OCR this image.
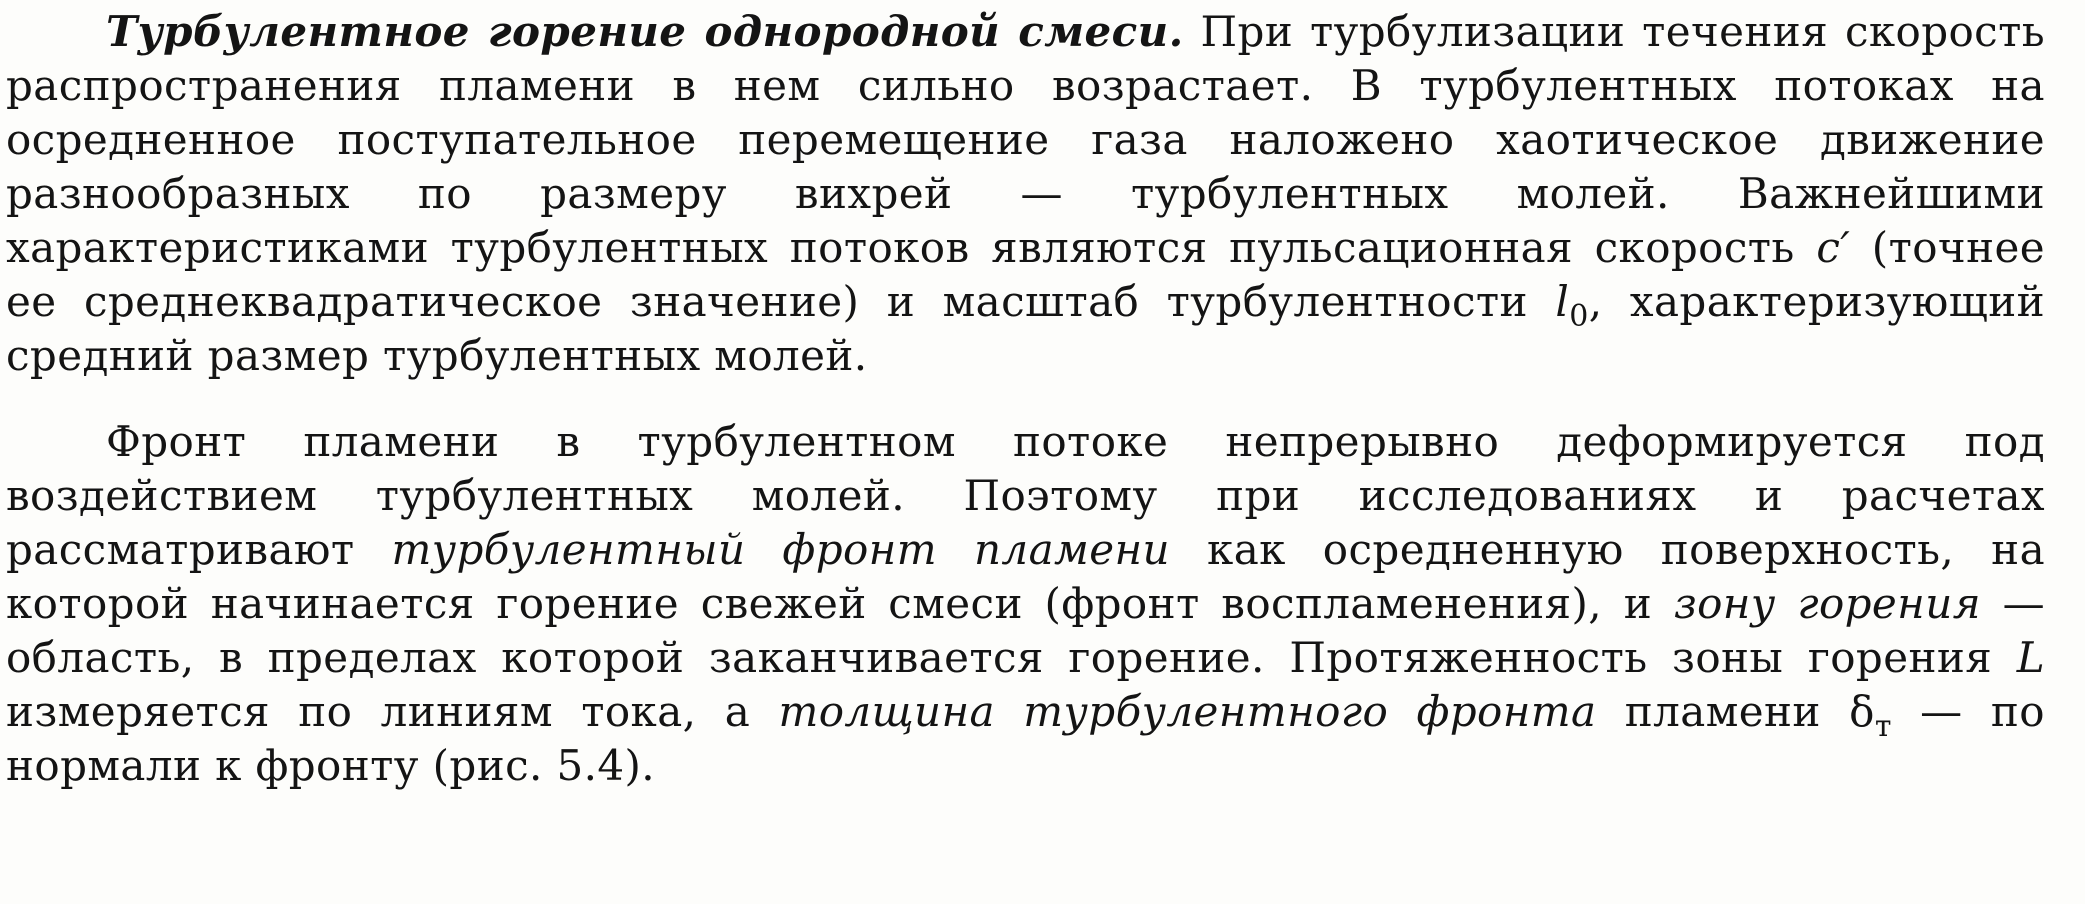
Турбулентное горение однородной смеси. При турбулизации течения скорость распространения пламени в нем сильно возрастает. В турбулентных потоках на осредненное поступательное перемещение газа наложено хаотическое движение разнообразных по размеру вихрей — турбулентных молей. Важнейшими характеристиками турбулентных потоков являются пульсационная скорость c′ (точнее ее среднеквадратическое значение) и масштаб турбулентности $l_0$, характеризующий средний размер турбулентных молей.

Фронт пламени в турбулентном потоке непрерывно деформируется под воздействием турбулентных молей. Поэтому при исследованиях и расчетах рассматривают турбулентный фронт пламени как осредненную поверхность, на которой начинается горение свежей смеси (фронт воспламенения), и зону горения — область, в пределах которой заканчивается горение. Протяженность зоны горения L измеряется по линиям тока, а толщина турбулентного фронта пламени $\delta_т$ — по нормали к фронту (рис. 5.4).
